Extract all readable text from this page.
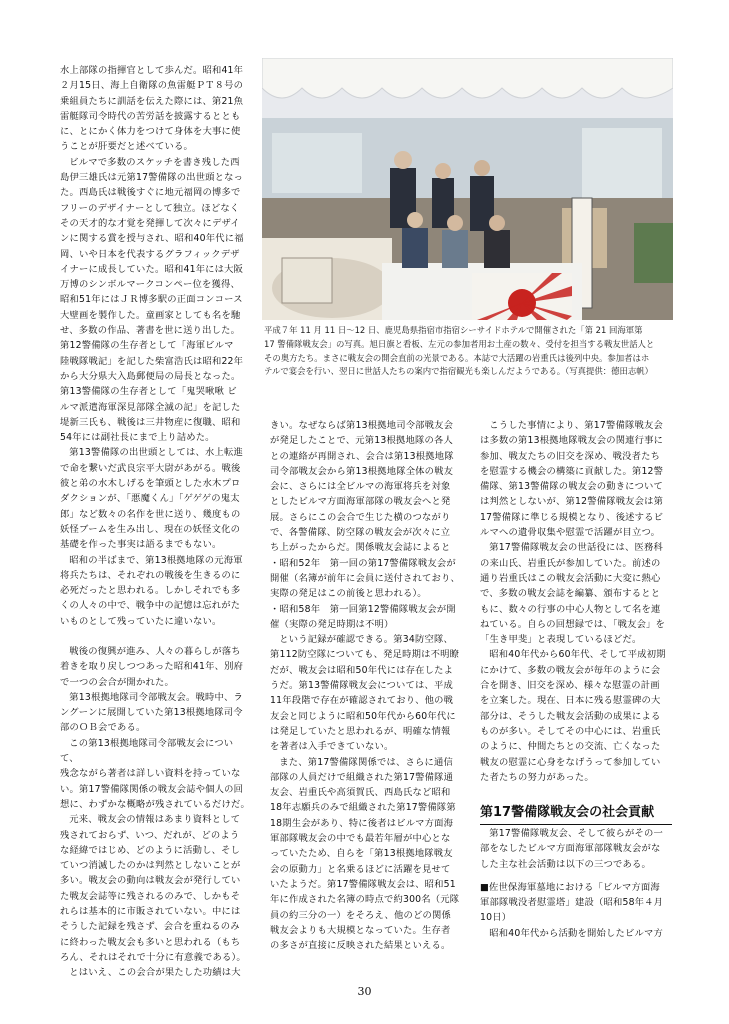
水上部隊の指揮官として歩んだ。昭和41年
２月15日、海上自衛隊の魚雷艇ＰＴ８号の
乗組員たちに訓話を伝えた際には、第21魚
雷艇隊司令時代の苦労話を披露するととも
に、とにかく体力をつけて身体を大事に使
うことが肝要だと述べている。

ビルマで多数のスケッチを書き残した西
島伊三雄氏は元第17警備隊の出世頭となっ
た。西島氏は戦後すぐに地元福岡の博多で
フリーのデザイナーとして独立。ほどなく
その天才的な才覚を発揮して次々にデザイ
ンに関する賞を授与され、昭和40年代に福
岡、いや日本を代表するグラフィックデザ
イナーに成長していた。昭和41年には大阪
万博のシンボルマークコンペー位を獲得、
昭和51年にはＪＲ博多駅の正面コンコース
大壁画を製作した。童画家としても名を馳
せ、多数の作品、著書を世に送り出した。

第12警備隊の生存者として「海軍ビルマ
陸戦隊戦記」を記した柴富浩氏は昭和22年
から大分県大入島郵便局の局長となった。
第13警備隊の生存者として「鬼哭啾啾 ビ
ルマ派遣海軍深見部隊全滅の記」を記した
堤新三氏も、戦後は三井物産に復職、昭和
54年には副社長にまで上り詰めた。

第13警備隊の出世頭としては、水上転進
で命を繋いだ武良宗平大尉があがる。戦後
彼と弟の水木しげるを筆頭とした水木プロ
ダクションが、「悪魔くん」「ゲゲゲの鬼太
郎」など数々の名作を世に送り、幾度もの
妖怪ブームを生み出し、現在の妖怪文化の
基礎を作った事実は語るまでもない。

昭和の半ばまで、第13根拠地隊の元海軍
将兵たちは、それぞれの戦後を生きるのに
必死だったと思われる。しかしそれでも多
くの人々の中で、戦争中の記憶は忘れがた
いものとして残っていたに違いない。

戦後の復興が進み、人々の暮らしが落ち
着きを取り戻しつつあった昭和41年、別府
で一つの会合が開かれた。

第13根拠地隊司令部戦友会。戦時中、ラ
ングーンに展開していた第13根拠地隊司令
部のＯＢ会である。

この第13根拠地隊司令部戦友会について、
残念ながら著者は詳しい資料を持っていな
い。第17警備隊関係の戦友会誌や個人の回
想に、わずかな概略が残されているだけだ。

元来、戦友会の情報はあまり資料として
残されておらず、いつ、だれが、どのよう
な経緯ではじめ、どのように活動し、そし
ていつ消滅したのかは判然としないことが
多い。戦友会の動向は戦友会が発行してい
た戦友会誌等に残されるのみで、しかもそ
れらは基本的に市販されていない。中には
そうした記録を残さず、会合を重ねるのみ
に終わった戦友会も多いと思われる（もち
ろん、それはそれで十分に有意義である）。

とはいえ、この会合が果たした功績は大

平成７年 11 月 11 日～12 日、鹿児島県指宿市指宿シーサイドホテルで開催された「第 21 回海軍第
17 警備隊戦友会」の写真。旭日旗と看板、左元の参加者用お土産の数々、受付を担当する戦友世話人と
その奥方たち。まさに戦友会の開会直前の光景である。本誌で大活躍の岩重氏は後列中央。参加者はホ
テルで宴会を行い、翌日に世話人たちの案内で指宿観光も楽しんだようである。（写真提供：德田志帆）

きい。なぜならば第13根拠地司令部戦友会
が発足したことで、元第13根拠地隊の各人
との連絡が再開され、会合は第13根拠地隊
司令部戦友会から第13根拠地隊全体の戦友
会に、さらには全ビルマの海軍将兵を対象
としたビルマ方面海軍部隊の戦友会へと発
展。さらにこの会合で生じた横のつながり
で、各警備隊、防空隊の戦友会が次々に立
ち上がったからだ。関係戦友会誌によると

・昭和52年　第一回の第17警備隊戦友会が
開催（名簿が前年に会員に送付されており、
実際の発足はこの前後と思われる）。

・昭和58年　第一回第12警備隊戦友会が開
催（実際の発足時期は不明）

という記録が確認できる。第34防空隊、
第112防空隊についても、発足時期は不明瞭
だが、戦友会は昭和50年代には存在したよ
うだ。第13警備隊戦友会については、平成
11年段階で存在が確認されており、他の戦
友会と同じように昭和50年代から60年代に
は発足していたと思われるが、明確な情報
を著者は入手できていない。

また、第17警備隊関係では、さらに通信
部隊の人員だけで組織された第17警備隊通
友会、岩重氏や高須賀氏、西島氏など昭和
18年志願兵のみで組織された第17警備隊第
18期生会があり、特に後者はビルマ方面海
軍部隊戦友会の中でも最若年層が中心とな
っていたため、自らを「第13根拠地隊戦友
会の原動力」と名乗るほどに活躍を見せて
いたようだ。第17警備隊戦友会は、昭和51
年に作成された名簿の時点で約300名（元隊
員の約三分の一）をそろえ、他のどの関係
戦友会よりも大規模となっていた。生存者
の多さが直接に反映された結果といえる。

こうした事情により、第17警備隊戦友会
は多数の第13根拠地隊戦友会の関連行事に
参加、戦友たちの旧交を深め、戦没者たち
を慰霊する機会の構築に貢献した。第12警
備隊、第13警備隊の戦友会の動きについて
は判然としないが、第12警備隊戦友会は第
17警備隊に準じる規模となり、後述するビ
ルマへの遺骨収集や慰霊で活躍が目立つ。

第17警備隊戦友会の世話役には、医務科
の来山氏、岩重氏が参加していた。前述の
通り岩重氏はこの戦友会活動に大変に熱心
で、多数の戦友会誌を編纂、頒布するとと
もに、数々の行事の中心人物として名を連
ねている。自らの回想録では、「戦友会」を
「生き甲斐」と表現しているほどだ。

昭和40年代から60年代、そして平成初期
にかけて、多数の戦友会が毎年のように会
合を開き、旧交を深め、様々な慰霊の計画
を立案した。現在、日本に残る慰霊碑の大
部分は、そうした戦友会活動の成果による
ものが多い。そしてその中心には、岩重氏
のように、仲間たちとの交流、亡くなった
戦友の慰霊に心身をなげうって参加してい
た者たちの努力があった。

第17警備隊戦友会の社会貢献

第17警備隊戦友会、そして彼らがその一
部をなしたビルマ方面海軍部隊戦友会がな
した主な社会活動は以下の三つである。

■佐世保海軍墓地における「ビルマ方面海
軍部隊戦没者慰霊塔」建設（昭和58年４月
10日）

昭和40年代から活動を開始したビルマ方

30
